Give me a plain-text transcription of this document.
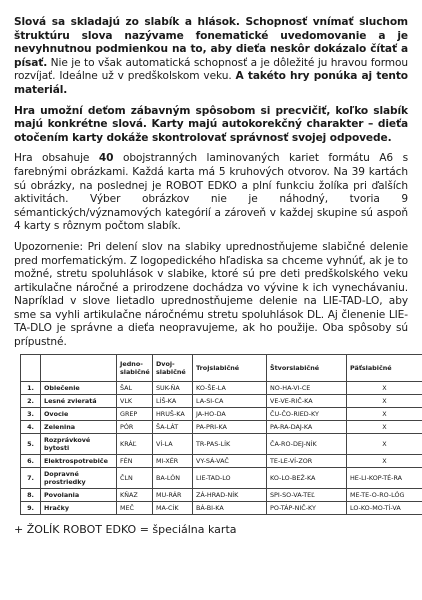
Slová sa skladajú zo slabík a hlások. Schopnosť vnímať sluchom štruktúru slova nazývame fonematické uvedomovanie a je nevyhnutnou podmienkou na to, aby dieťa neskôr dokázalo čítať a písať. Nie je to však automatická schopnosť a je dôležité ju hravou formou rozvíjať. Ideálne už v predškolskom veku. A takéto hry ponúka aj tento materiál.

Hra umožní deťom zábavným spôsobom si precvičiť, koľko slabík majú konkrétne slová. Karty majú autokorekčný charakter – dieťa otočením karty dokáže skontrolovať správnosť svojej odpovede.

Hra obsahuje 40 obojstranných laminovaných kariet formátu A6 s farebnými obrázkami. Každá karta má 5 kruhových otvorov. Na 39 kartách sú obrázky, na poslednej je ROBOT EDKO a plní funkciu žolíka pri ďalších aktivitách. Výber obrázkov nie je náhodný, tvoria 9 sémantických/významových kategórií a zároveň v každej skupine sú aspoň 4 karty s rôznym počtom slabík.

Upozornenie: Pri delení slov na slabiky uprednostňujeme slabičné delenie pred morfematickým. Z logopedického hľadiska sa chceme vyhnúť, ak je to možné, stretu spoluhlások v slabike, ktoré sú pre deti predškolského veku artikulačne náročné a prirodzene dochádza vo vývine k ich vynechávaniu. Napríklad v slove lietadlo uprednostňujeme delenie na LIE-TAD-LO, aby sme sa vyhli artikulačne náročnému stretu spoluhlások DL. Aj členenie LIE-TA-DLO je správne a dieťa neopravujeme, ak ho použije. Oba spôsoby sú prípustné.

		Jedno-slabičné	Dvoj-slabičné	Trojslabičné	Štvorslabičné	Päťslabičné
1.	Oblečenie	ŠAL	SUK-ŇA	KO-ŠE-LA	NO-HA-VI-CE	X
2.	Lesné zvieratá	VLK	LÍŠ-KA	LA-SI-CA	VE-VE-RIČ-KA	X
3.	Ovocie	GREP	HRUŠ-KA	JA-HO-DA	ČU-ČO-RIED-KY	X
4.	Zelenina	PÓR	ŠA-LÁT	PA-PRI-KA	PA-RA-DAJ-KA	X
5.	Rozprávkové bytosti	KRÁĽ	VÍ-LA	TR-PAS-LÍK	ČA-RO-DEJ-NÍK	X
6.	Elektrospotrebiče	FÉN	MI-XÉR	VY-SÁ-VAČ	TE-LE-VÍ-ZOR	X
7.	Dopravné prostriedky	ČLN	BA-LÓN	LIE-TAD-LO	KO-LO-BEŽ-KA	HE-LI-KOP-TÉ-RA
8.	Povolania	KŇAZ	MU-RÁR	ZÁ-HRAD-NÍK	SPI-SO-VA-TEĽ	ME-TE-O-RO-LÓG
9.	Hračky	MEČ	MA-CÍK	BÁ-BI-KA	PO-TÁP-NIČ-KY	LO-KO-MO-TÍ-VA
+ ŽOLÍK ROBOT EDKO = špeciálna karta
